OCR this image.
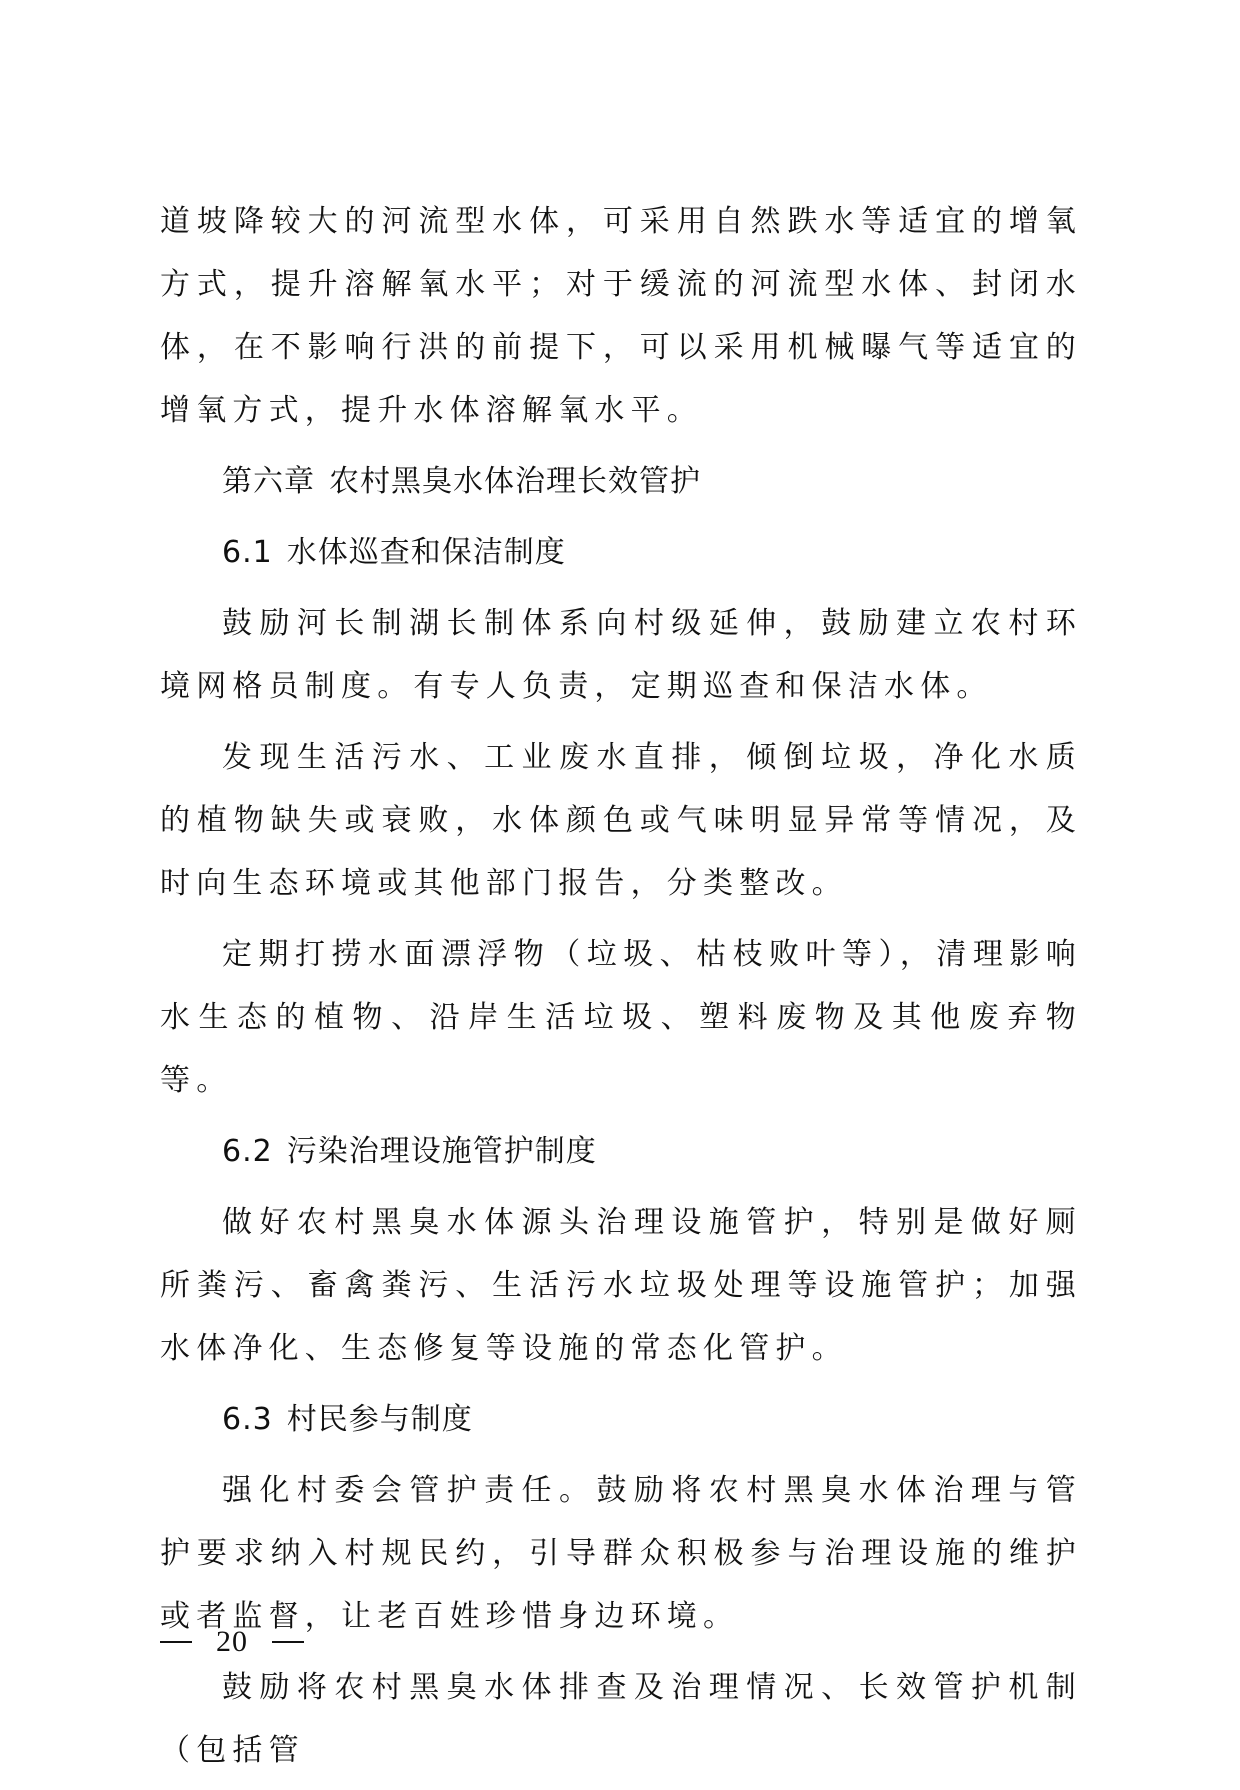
道坡降较大的河流型水体，可采用自然跌水等适宜的增氧方式，提升溶解氧水平；对于缓流的河流型水体、封闭水体，在不影响行洪的前提下，可以采用机械曝气等适宜的增氧方式，提升水体溶解氧水平。

第六章 农村黑臭水体治理长效管护
6.1 水体巡查和保洁制度

鼓励河长制湖长制体系向村级延伸，鼓励建立农村环境网格员制度。有专人负责，定期巡查和保洁水体。

发现生活污水、工业废水直排，倾倒垃圾，净化水质的植物缺失或衰败，水体颜色或气味明显异常等情况，及时向生态环境或其他部门报告，分类整改。

定期打捞水面漂浮物（垃圾、枯枝败叶等），清理影响水生态的植物、沿岸生活垃圾、塑料废物及其他废弃物等。

6.2 污染治理设施管护制度

做好农村黑臭水体源头治理设施管护，特别是做好厕所粪污、畜禽粪污、生活污水垃圾处理等设施管护；加强水体净化、生态修复等设施的常态化管护。

6.3 村民参与制度

强化村委会管护责任。鼓励将农村黑臭水体治理与管护要求纳入村规民约，引导群众积极参与治理设施的维护或者监督，让老百姓珍惜身边环境。

鼓励将农村黑臭水体排查及治理情况、长效管护机制（包括管

20
